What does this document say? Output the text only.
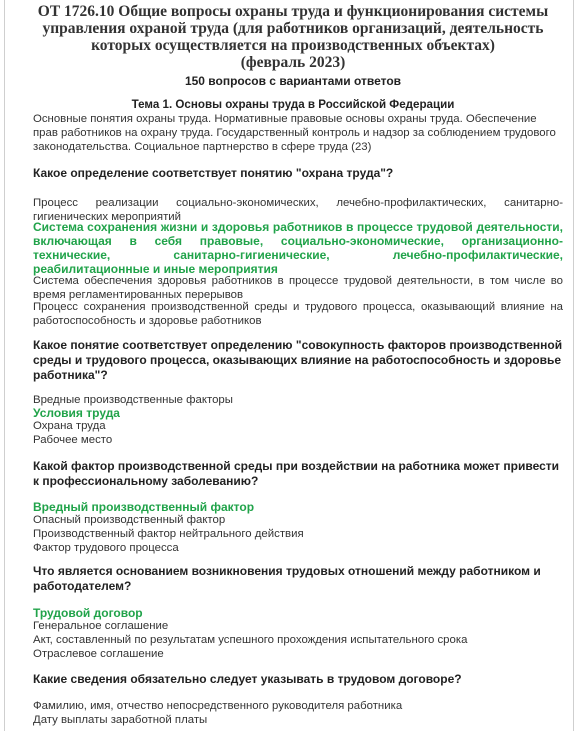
ОТ 1726.10 Общие вопросы охраны труда и функционирования системы
управления охраной труда (для работников организаций, деятельность
которых осуществляется на производственных объектах)
(февраль 2023)
150 вопросов с вариантами ответов
Тема 1. Основы охраны труда в Российской Федерации
Основные понятия охраны труда. Нормативные правовые основы охраны труда. Обеспечение прав работников на охрану труда. Государственный контроль и надзор за соблюдением трудового законодательства. Социальное партнерство в сфере труда (23)
Какое определение соответствует понятию "охрана труда"?
Процесс реализации социально-экономических, лечебно-профилактических, санитарно-гигиенических мероприятий
Система сохранения жизни и здоровья работников в процессе трудовой деятельности, включающая в себя правовые, социально-экономические, организационно-технические, санитарно-гигиенические, лечебно-профилактические, реабилитационные и иные мероприятия
Система обеспечения здоровья работников в процессе трудовой деятельности, в том числе во время регламентированных перерывов
Процесс сохранения производственной среды и трудового процесса, оказывающий влияние на работоспособность и здоровье работников
Какое понятие соответствует определению "совокупность факторов производственной среды и трудового процесса, оказывающих влияние на работоспособность и здоровье работника"?
Вредные производственные факторы
Условия труда
Охрана труда
Рабочее место
Какой фактор производственной среды при воздействии на работника может привести к профессиональному заболеванию?
Вредный производственный фактор
Опасный производственный фактор
Производственный фактор нейтрального действия
Фактор трудового процесса
Что является основанием возникновения трудовых отношений между работником и работодателем?
Трудовой договор
Генеральное соглашение
Акт, составленный по результатам успешного прохождения испытательного срока
Отраслевое соглашение
Какие сведения обязательно следует указывать в трудовом договоре?
Фамилию, имя, отчество непосредственного руководителя работника
Дату выплаты заработной платы
